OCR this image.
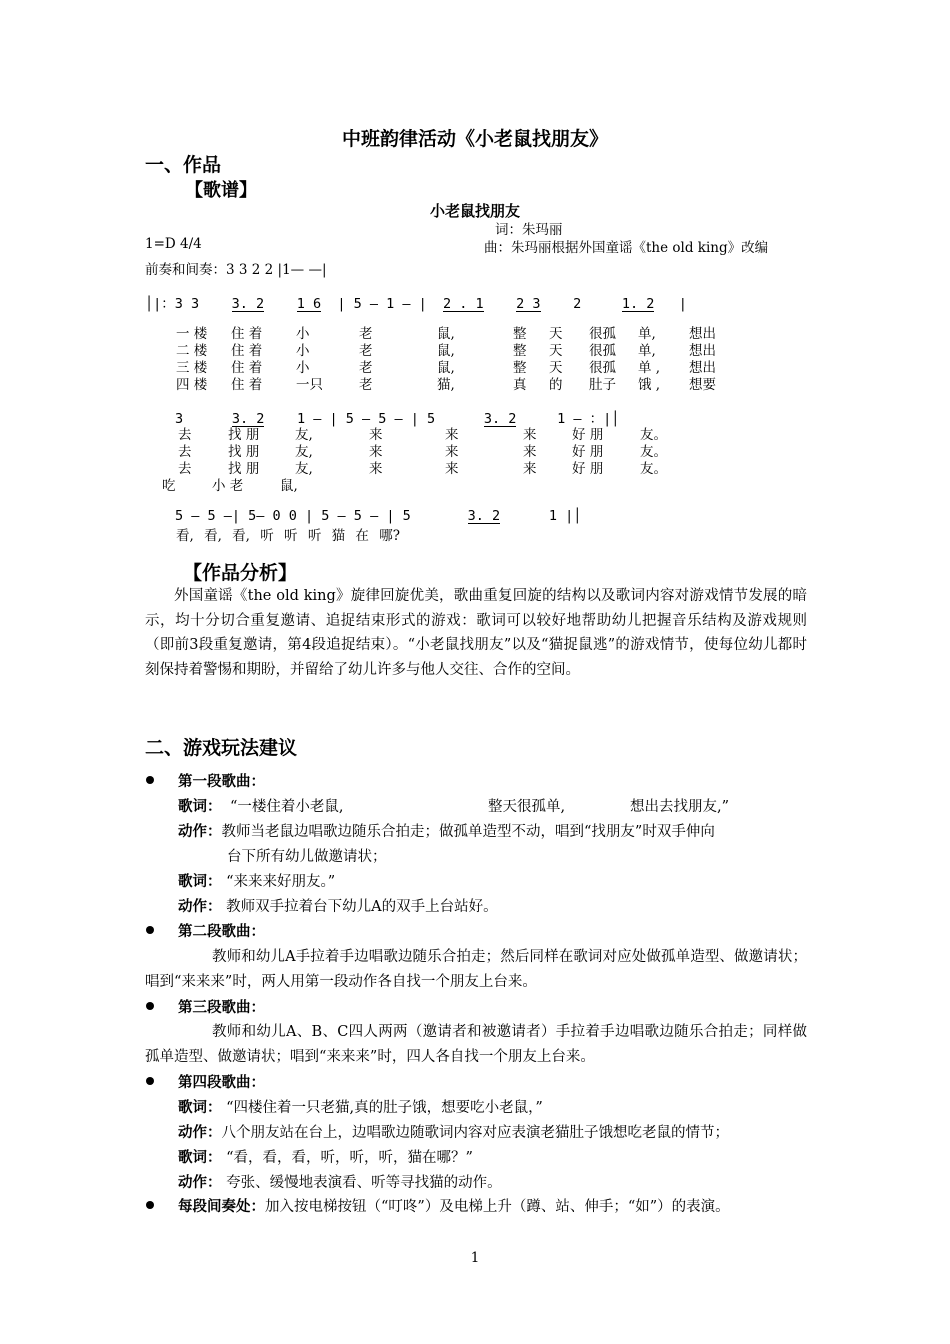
中班韵律活动《小老鼠找朋友》
一、作品
【歌谱】
小老鼠找朋友
词：朱玛丽
1=D 4/4	曲：朱玛丽根据外国童谣《the old king》改编
前奏和间奏：3 3 2 2 |1— —|
│|：3 3 3. 2 1 6 | 5 — 1 — | 2 . 1 2 3 2	1. 2 |
一 楼 住 着 小	老	鼠,	整 天 很孤 单, 想出
二 楼 住 着 小	老	鼠,	整 天 很孤 单, 想出
三 楼 住 着 小	老	鼠,	整 天 很孤 单 , 想出
四 楼 住 着 一只	老	猫,	真 的 肚子 饿 , 想要
3	3. 2 1 — | 5 — 5 — | 5	3. 2	1 — ：|│
去	找 朋	友,	来	来	来	好 朋	友。
去	找 朋	友,	来	来	来	好 朋	友。
去	找 朋	友,	来	来	来	好 朋	友。
吃	小 老	鼠,
5 — 5 —| 5— 0 0 | 5 — 5 — | 5	3. 2	1 |│
看, 看, 看, 听 听 听 猫 在 哪?
【作品分析】
外国童谣《the old king》旋律回旋优美，歌曲重复回旋的结构以及歌词内容对游戏情节发展的暗示，均十分切合重复邀请、追捉结束形式的游戏：歌词可以较好地帮助幼儿把握音乐结构及游戏规则（即前3段重复邀请，第4段追捉结束）。“小老鼠找朋友”以及“猫捉鼠逃”的游戏情节，使每位幼儿都时刻保持着警惕和期盼，并留给了幼儿许多与他人交往、合作的空间。
二、游戏玩法建议
第一段歌曲：
歌词： “一楼住着小老鼠,	整天很孤单,	想出去找朋友,”
动作：教师当老鼠边唱歌边随乐合拍走；做孤单造型不动，唱到“找朋友”时双手伸向
台下所有幼儿做邀请状；
歌词： “来来来好朋友。”
动作： 教师双手拉着台下幼儿A的双手上台站好。
第二段歌曲：
教师和幼儿A手拉着手边唱歌边随乐合拍走；然后同样在歌词对应处做孤单造型、做邀请状；唱到“来来来”时，两人用第一段动作各自找一个朋友上台来。
第三段歌曲：
教师和幼儿A、B、C四人两两（邀请者和被邀请者）手拉着手边唱歌边随乐合拍走；同样做孤单造型、做邀请状；唱到“来来来”时，四人各自找一个朋友上台来。
第四段歌曲：
歌词： “四楼住着一只老猫,真的肚子饿，想要吃小老鼠，”
动作：八个朋友站在台上，边唱歌边随歌词内容对应表演老猫肚子饿想吃老鼠的情节；
歌词： “看，看，看，听，听，听，猫在哪？”
动作： 夸张、缓慢地表演看、听等寻找猫的动作。
每段间奏处：加入按电梯按钮（“叮咚”）及电梯上升（蹲、站、伸手；“如”）的表演。
1
